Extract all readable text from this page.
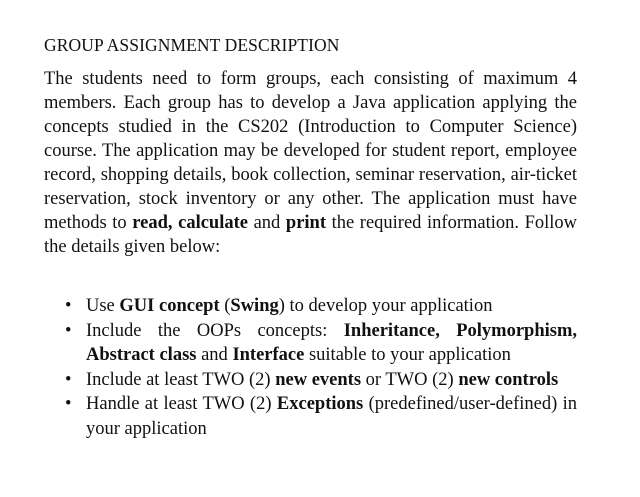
GROUP ASSIGNMENT DESCRIPTION

The students need to form groups, each consisting of maximum 4 members. Each group has to develop a Java application applying the concepts studied in the CS202 (Introduction to Computer Science) course. The application may be developed for student report, employee record, shopping details, book collection, seminar reservation, air-ticket reservation, stock inventory or any other. The application must have methods to read, calculate and print the required information. Follow the details given below:

• Use GUI concept (Swing) to develop your application
• Include the OOPs concepts: Inheritance, Polymorphism, Abstract class and Interface suitable to your application
• Include at least TWO (2) new events or TWO (2) new controls
• Handle at least TWO (2) Exceptions (predefined/user-defined) in your application
